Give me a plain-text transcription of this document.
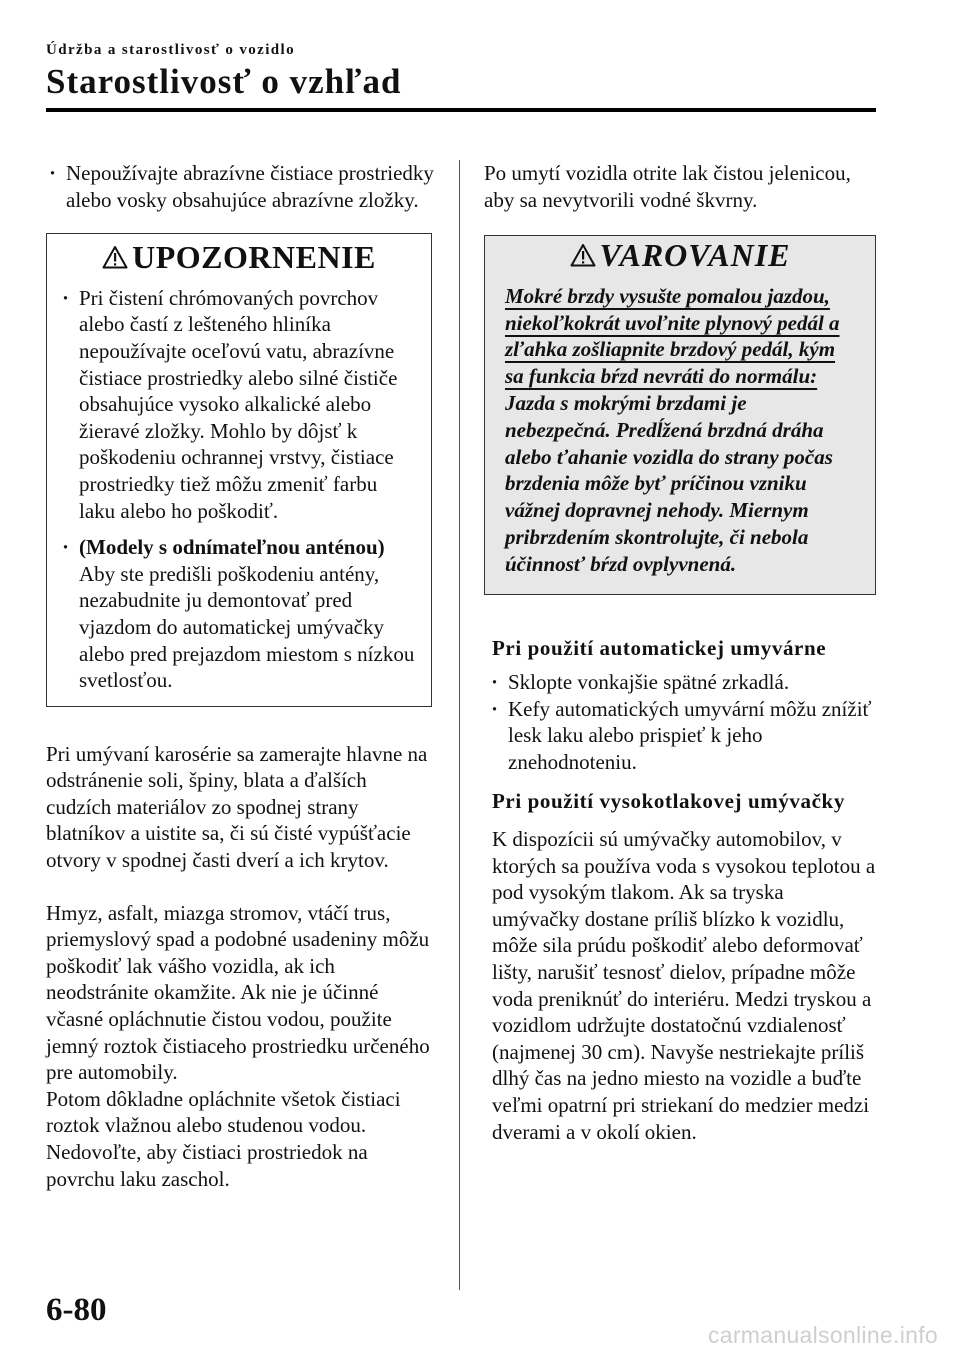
Údržba a starostlivosť o vozidlo
Starostlivosť o vzhľad

· Nepoužívajte abrazívne čistiace prostriedky alebo vosky obsahujúce abrazívne zložky.

UPOZORNENIE

· Pri čistení chrómovaných povrchov alebo častí z lešteného hliníka nepoužívajte oceľovú vatu, abrazívne čistiace prostriedky alebo silné čističe obsahujúce vysoko alkalické alebo žieravé zložky. Mohlo by dôjsť k poškodeniu ochrannej vrstvy, čistiace prostriedky tiež môžu zmeniť farbu laku alebo ho poškodiť.

· (Modely s odnímateľnou anténou)
Aby ste predišli poškodeniu antény, nezabudnite ju demontovať pred vjazdom do automatickej umývačky alebo pred prejazdom miestom s nízkou svetlosťou.

Pri umývaní karosérie sa zamerajte hlavne na odstránenie soli, špiny, blata a ďalších cudzích materiálov zo spodnej strany blatníkov a uistite sa, či sú čisté vypúšťacie otvory v spodnej časti dverí a ich krytov.

Hmyz, asfalt, miazga stromov, vtáčí trus, priemyslový spad a podobné usadeniny môžu poškodiť lak vášho vozidla, ak ich neodstránite okamžite. Ak nie je účinné včasné opláchnutie čistou vodou, použite jemný roztok čistiaceho prostriedku určeného pre automobily.

Potom dôkladne opláchnite všetok čistiaci roztok vlažnou alebo studenou vodou. Nedovoľte, aby čistiaci prostriedok na povrchu laku zaschol.

Po umytí vozidla otrite lak čistou jelenicou, aby sa nevytvorili vodné škvrny.

VAROVANIE
Mokré brzdy vysušte pomalou jazdou, niekoľkokrát uvoľnite plynový pedál a zľahka zošliapnite brzdový pedál, kým sa funkcia bŕzd nevráti do normálu:
Jazda s mokrými brzdami je nebezpečná. Predĺžená brzdná dráha alebo ťahanie vozidla do strany počas brzdenia môže byť príčinou vzniku vážnej dopravnej nehody. Miernym pribrzdením skontrolujte, či nebola účinnosť bŕzd ovplyvnená.
Pri použití automatickej umyvárne

· Sklopte vonkajšie spätné zrkadlá.

· Kefy automatických umyvární môžu znížiť lesk laku alebo prispieť k jeho znehodnoteniu.

Pri použití vysokotlakovej umývačky

K dispozícii sú umývačky automobilov, v ktorých sa používa voda s vysokou teplotou a pod vysokým tlakom. Ak sa tryska umývačky dostane príliš blízko k vozidlu, môže sila prúdu poškodiť alebo deformovať lišty, narušiť tesnosť dielov, prípadne môže voda preniknúť do interiéru. Medzi tryskou a vozidlom udržujte dostatočnú vzdialenosť (najmenej 30 cm). Navyše nestriekajte príliš dlhý čas na jedno miesto na vozidle a buďte veľmi opatrní pri striekaní do medzier medzi dverami a v okolí okien.

6-80
carmanualsonline.info
